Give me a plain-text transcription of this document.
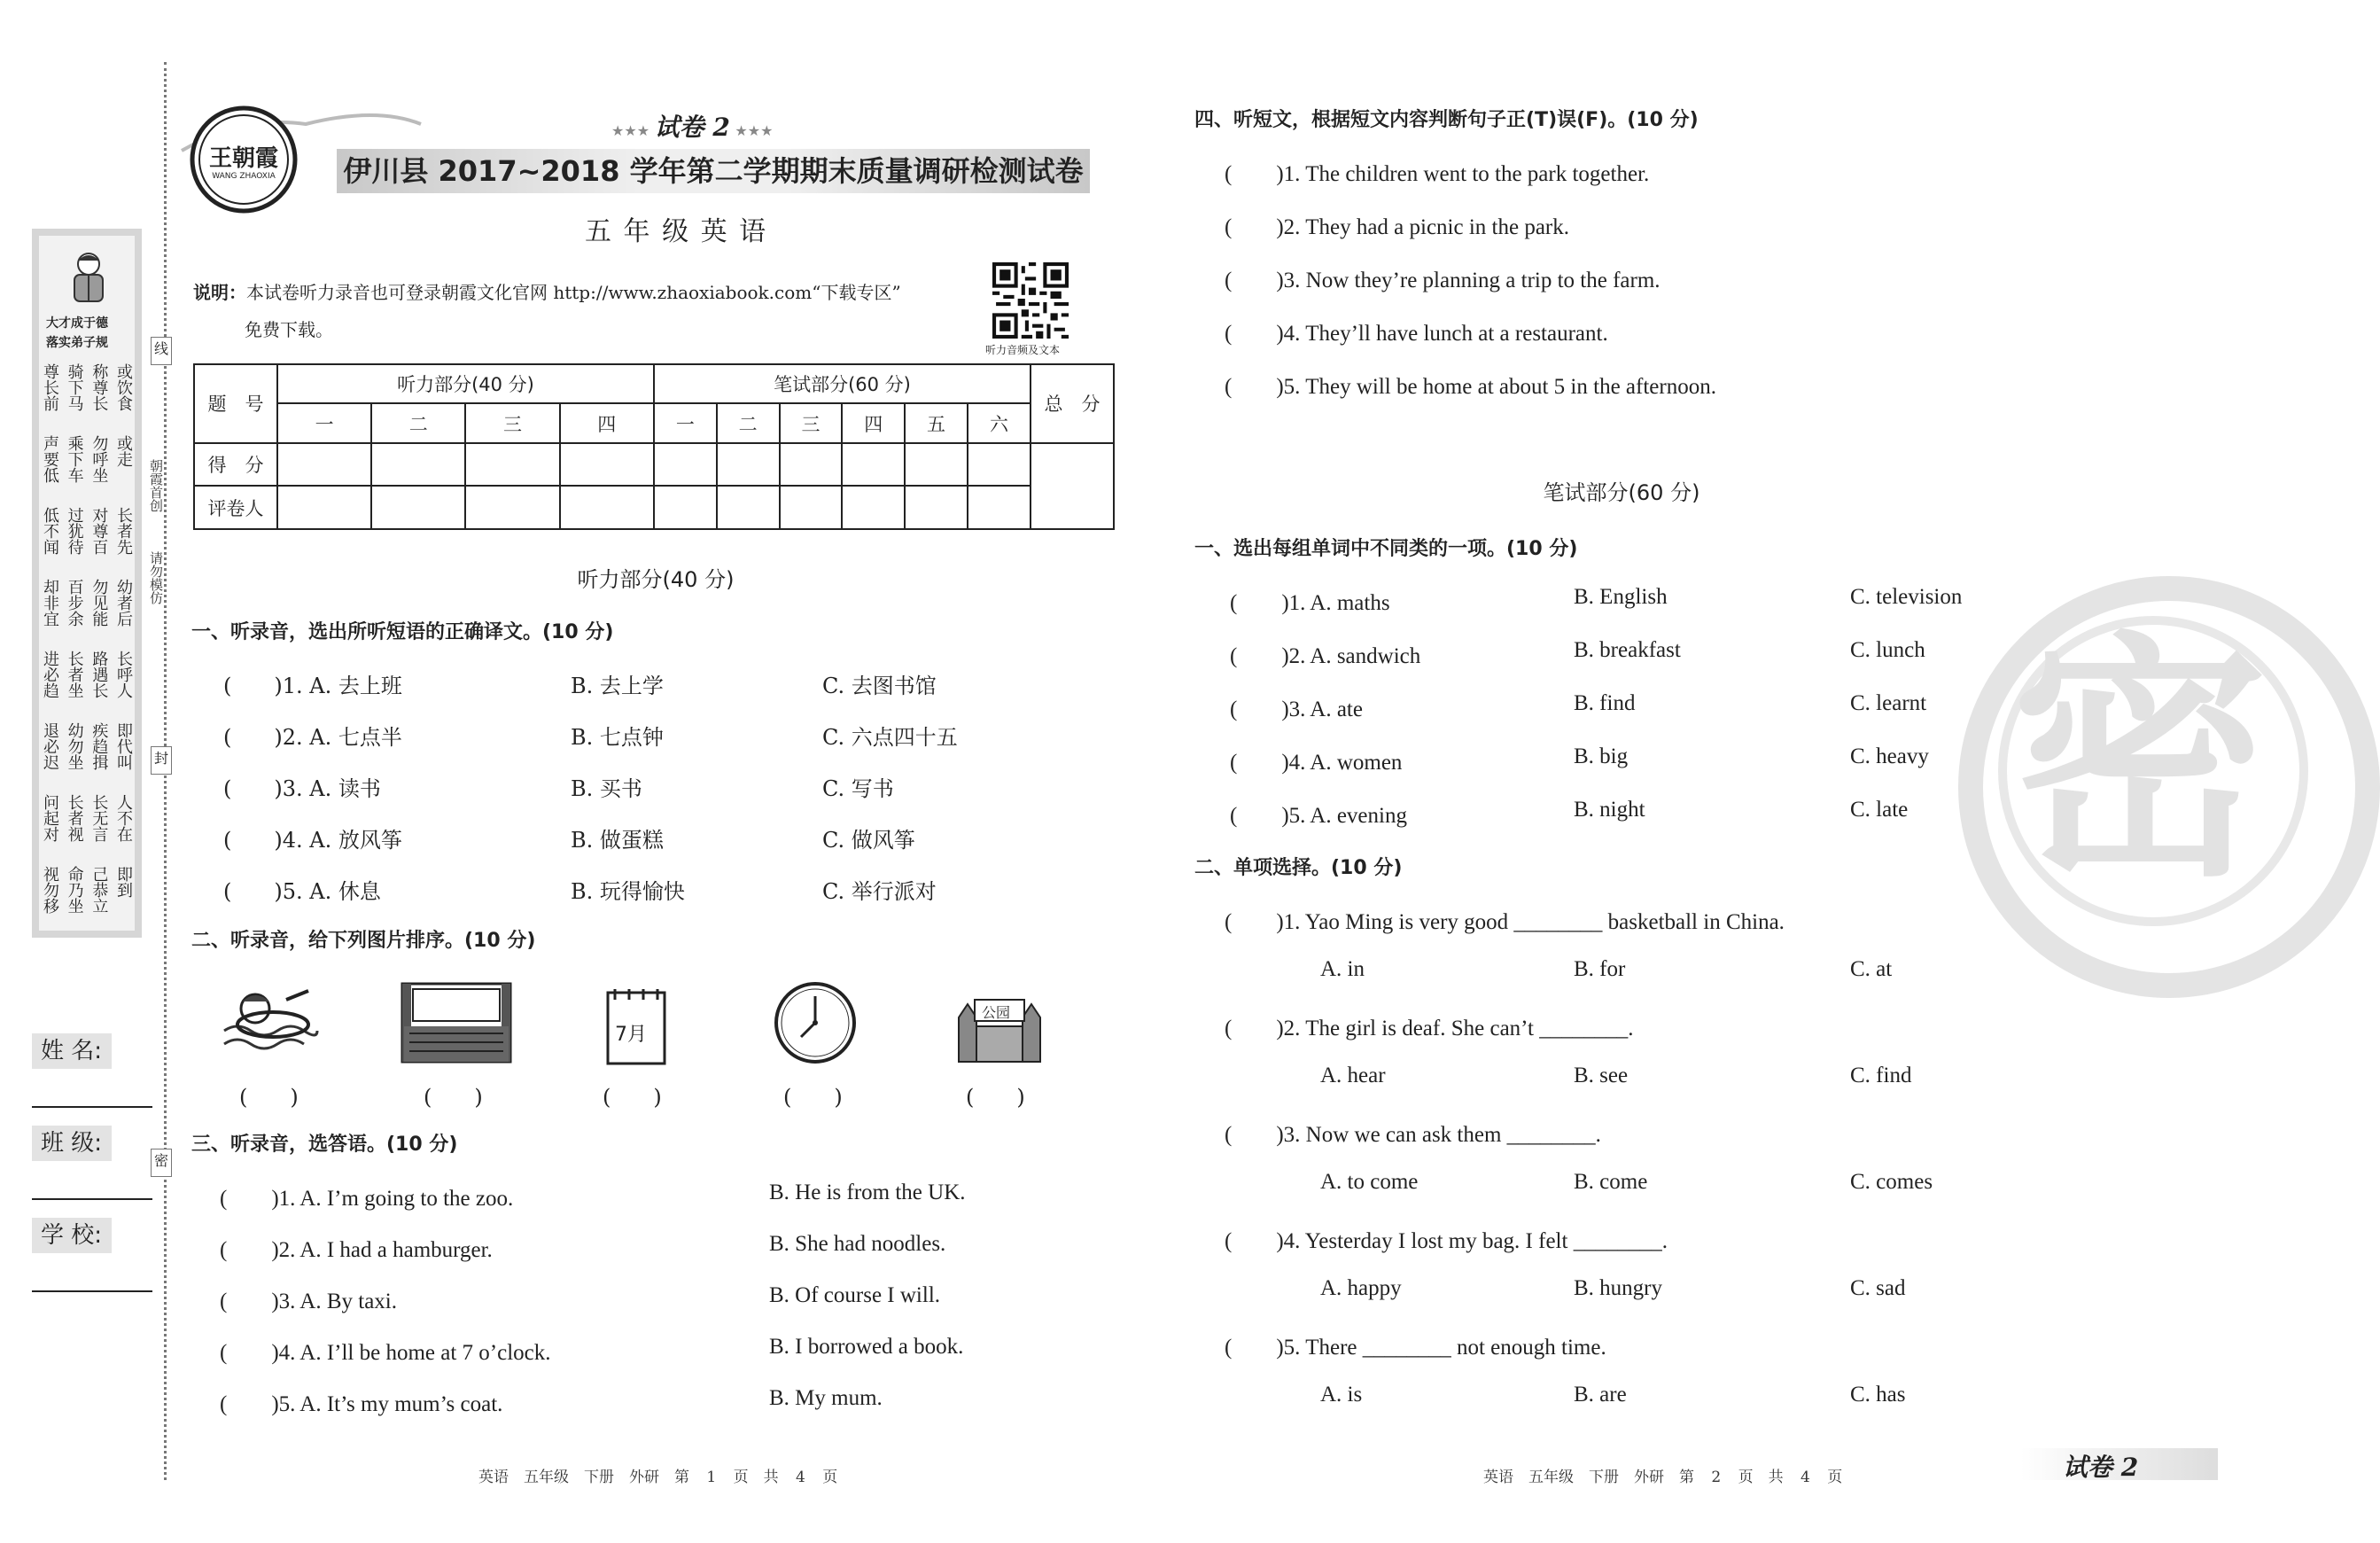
大才成于德
落实弟子规
尊长前 骑下马 称尊长 或饮食
声要低 乘下车 勿呼坐 或走
低不闻 过犹待 对尊百 长者先
却非宜 百步余 勿见能 幼者后
进必趋 长者坐 路遇长 长呼人
退必迟 幼勿坐 疾趋揖 即代叫
问起对 长者视 长无言 人不在
视勿移 命乃坐 己恭立 即到
线
封
密
朝霞首创
请勿模仿
姓 名:
班 级:
学 校:
王朝霞
WANG ZHAOXIA
★★★ 试卷 2 ★★★
伊川县 2017~2018 学年第二学期期末质量调研检测试卷
五 年 级 英 语
说明：本试卷听力录音也可登录朝霞文化官网 http://www.zhaoxiabook.com“下载专区”
免费下载。
听力音频及文本
题　号	听力部分(40 分)				笔试部分(60 分)						总　分
	一	二	三	四	一	二	三	四	五	六	
得　分											
评卷人											
听力部分(40 分)
一、听录音，选出所听短语的正确译文。(10 分)
(　　)1. A. 去上班	B. 去上学	C. 去图书馆
(　　)2. A. 七点半	B. 七点钟	C. 六点四十五
(　　)3. A. 读书	B. 买书	C. 写书
(　　)4. A. 放风筝	B. 做蛋糕	C. 做风筝
(　　)5. A. 休息	B. 玩得愉快	C. 举行派对
二、听录音，给下列图片排序。(10 分)
7月
公园
(　　)	(　　)	(　　)	(　　)	(　　)
三、听录音，选答语。(10 分)
(　　)1. A. I’m going to the zoo.	B. He is from the UK.
(　　)2. A. I had a hamburger.	B. She had noodles.
(　　)3. A. By taxi.	B. Of course I will.
(　　)4. A. I’ll be home at 7 o’clock.	B. I borrowed a book.
(　　)5. A. It’s my mum’s coat.	B. My mum.
英语　五年级　下册　外研　第 1 页　共 4 页
密
四、听短文，根据短文内容判断句子正(T)误(F)。(10 分)
(　　)1. The children went to the park together.
(　　)2. They had a picnic in the park.
(　　)3. Now they’re planning a trip to the farm.
(　　)4. They’ll have lunch at a restaurant.
(　　)5. They will be home at about 5 in the afternoon.
笔试部分(60 分)
一、选出每组单词中不同类的一项。(10 分)
(　　)1. A. maths	B. English	C. television
(　　)2. A. sandwich	B. breakfast	C. lunch
(　　)3. A. ate	B. find	C. learnt
(　　)4. A. women	B. big	C. heavy
(　　)5. A. evening	B. night	C. late
二、单项选择。(10 分)
(　　)1. Yao Ming is very good ________ basketball in China.
A. in	B. for	C. at
(　　)2. The girl is deaf. She can’t ________.
A. hear	B. see	C. find
(　　)3. Now we can ask them ________.
A. to come	B. come	C. comes
(　　)4. Yesterday I lost my bag. I felt ________.
A. happy	B. hungry	C. sad
(　　)5. There ________ not enough time.
A. is	B. are	C. has
英语　五年级　下册　外研　第 2 页　共 4 页	试卷 2
